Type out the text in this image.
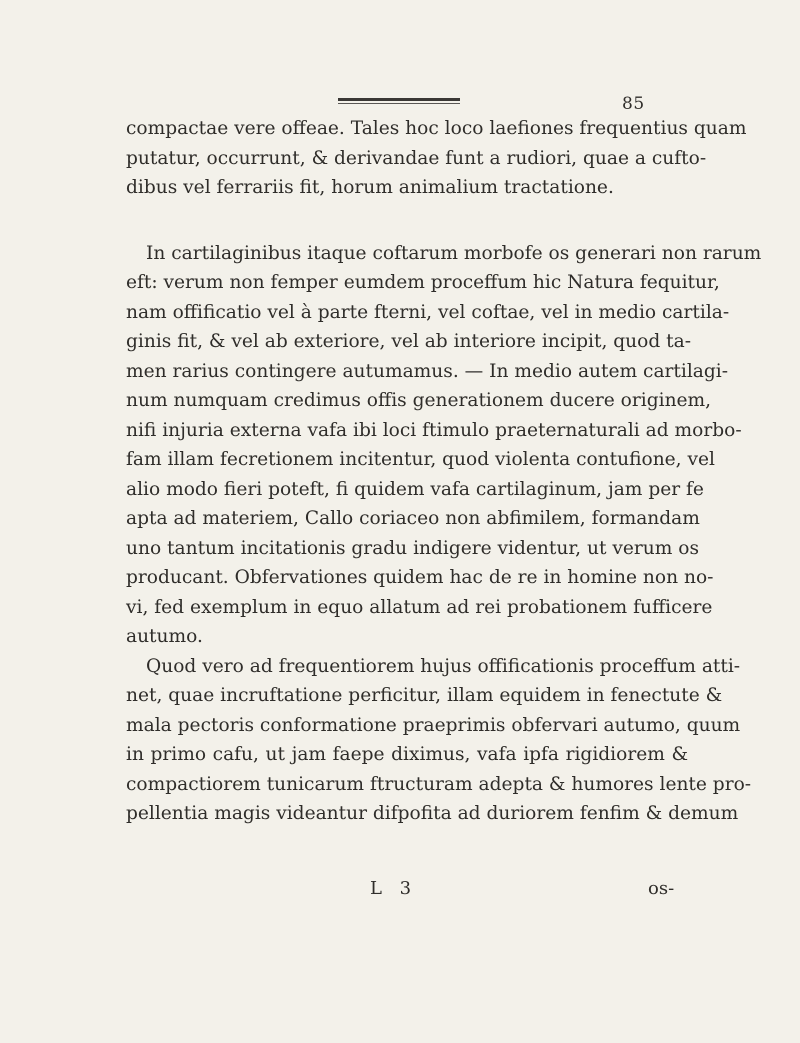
85
compactae vere offeae. Tales hoc loco laefiones frequentius quam
putatur, occurrunt, & derivandae funt a rudiori, quae a cufto-
dibus vel ferrariis fit, horum animalium tractatione.
In cartilaginibus itaque coftarum morbofe os generari non rarum
eft: verum non femper eumdem proceffum hic Natura fequitur,
nam offificatio vel à parte fterni, vel coftae, vel in medio cartila-
ginis fit, & vel ab exteriore, vel ab interiore incipit, quod ta-
men rarius contingere autumamus. — In medio autem cartilagi-
num numquam credimus offis generationem ducere originem,
nifi injuria externa vafa ibi loci ftimulo praeternaturali ad morbo-
fam illam fecretionem incitentur, quod violenta contufione, vel
alio modo fieri poteft, fi quidem vafa cartilaginum, jam per fe
apta ad materiem, Callo coriaceo non abfimilem, formandam
uno tantum incitationis gradu indigere videntur, ut verum os
producant. Obfervationes quidem hac de re in homine non no-
vi, fed exemplum in equo allatum ad rei probationem fufficere
autumo.
Quod vero ad frequentiorem hujus offificationis proceffum atti-
net, quae incruftatione perficitur, illam equidem in fenectute &
mala pectoris conformatione praeprimis obfervari autumo, quum
in primo cafu, ut jam faepe diximus, vafa ipfa rigidiorem &
compactiorem tunicarum ftructuram adepta & humores lente pro-
pellentia magis videantur difpofita ad duriorem fenfim & demum
L 3	os-
